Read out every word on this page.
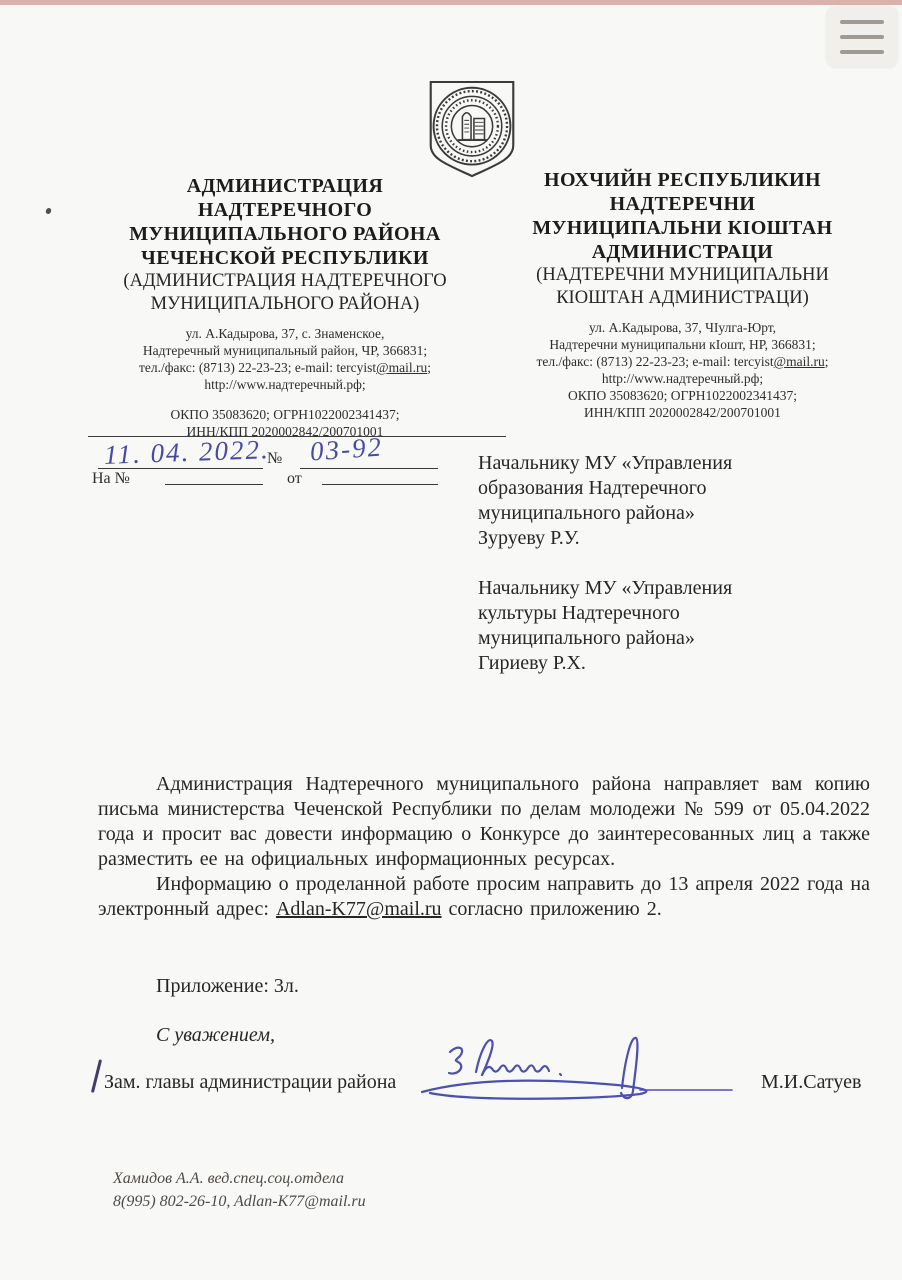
АДМИНИСТРАЦИЯ
НАДТЕРЕЧНОГО
МУНИЦИПАЛЬНОГО РАЙОНА
ЧЕЧЕНСКОЙ РЕСПУБЛИКИ
(АДМИНИСТРАЦИЯ НАДТЕРЕЧНОГО
МУНИЦИПАЛЬНОГО РАЙОНА)
ул. А.Кадырова, 37, с. Знаменское,
Надтеречный муниципальный район, ЧР, 366831;
тел./факс: (8713) 22-23-23; e-mail: tercyist@mail.ru;
http://www.надтеречный.рф;
ОКПО 35083620; ОГРН1022002341437;
ИНН/КПП 2020002842/200701001
НОХЧИЙН РЕСПУБЛИКИН
НАДТЕРЕЧНИ
МУНИЦИПАЛЬНИ КIОШТАН
АДМИНИСТРАЦИ
(НАДТЕРЕЧНИ МУНИЦИПАЛЬНИ
КIОШТАН АДМИНИСТРАЦИ)
ул. А.Кадырова, 37, ЧIулга-Юрт,
Надтеречни муниципальни кIошт, НР, 366831;
тел./факс: (8713) 22-23-23; e-mail: tercyist@mail.ru;
http://www.надтеречный.рф;
ОКПО 35083620; ОГРН1022002341437;
ИНН/КПП 2020002842/200701001
11. 04. 2022.
№ 03-92
На №	от
Начальнику МУ «Управления
образования Надтеречного
муниципального района»
Зуруеву Р.У.
Начальнику МУ «Управления
культуры Надтеречного
муниципального района»
Гириеву Р.Х.

Администрация Надтеречного муниципального района направляет вам копию письма министерства Чеченской Республики по делам молодежи № 599 от 05.04.2022 года и просит вас довести информацию о Конкурсе до заинтересованных лиц а также разместить ее на официальных информационных ресурсах.

Информацию о проделанной работе просим направить до 13 апреля 2022 года на электронный адрес: Adlan-K77@mail.ru согласно приложению 2.

Приложение: 3л.
С уважением,
Зам. главы администрации района	М.И.Сатуев
Хамидов А.А. вед.спец.соц.отдела
8(995) 802-26-10, Adlan-K77@mail.ru
